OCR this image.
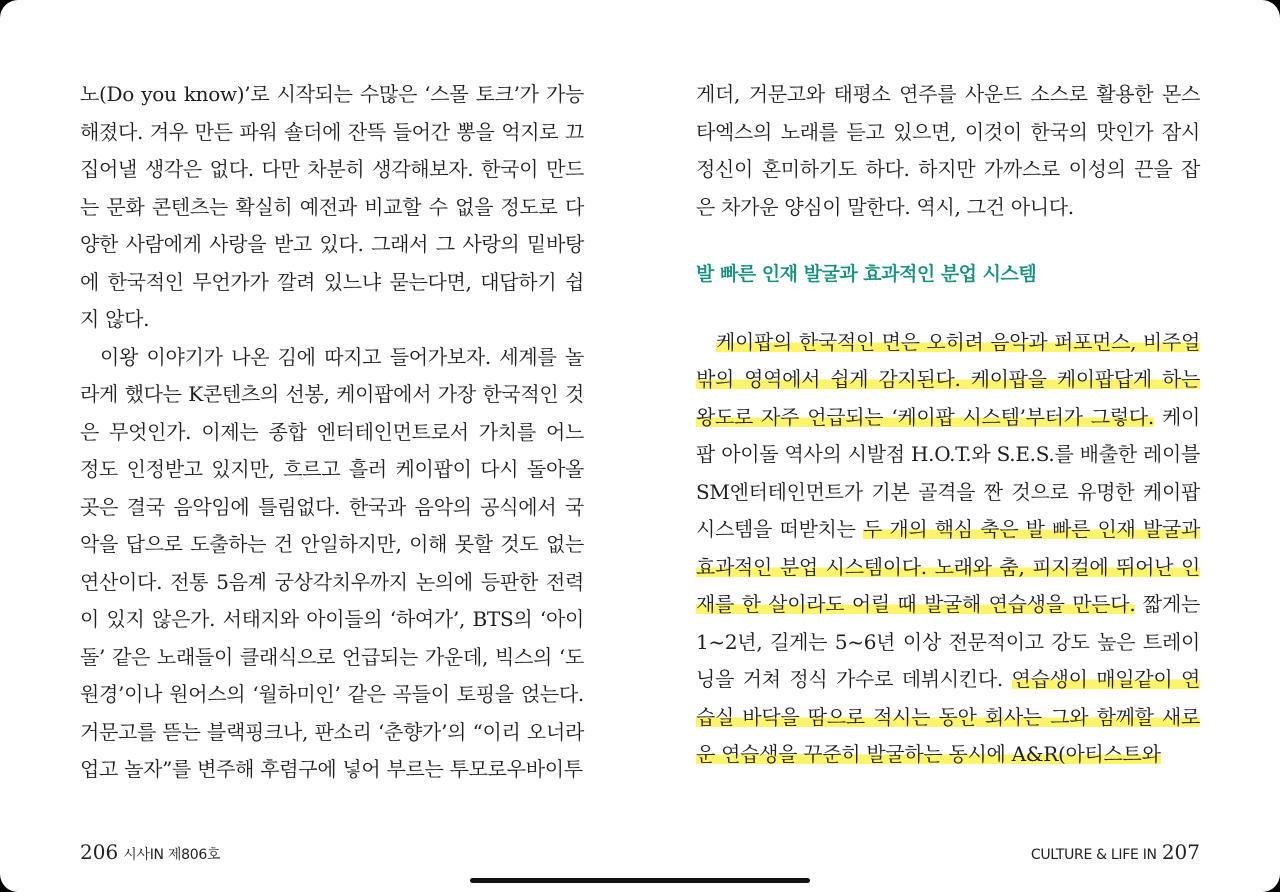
노(Do you know)’로 시작되는 수많은 ‘스몰 토크’가 가능해졌다. 겨우 만든 파워 숄더에 잔뜩 들어간 뽕을 억지로 끄집어낼 생각은 없다. 다만 차분히 생각해보자. 한국이 만드는 문화 콘텐츠는 확실히 예전과 비교할 수 없을 정도로 다양한 사람에게 사랑을 받고 있다. 그래서 그 사랑의 밑바탕에 한국적인 무언가가 깔려 있느냐 묻는다면, 대답하기 쉽지 않다.

이왕 이야기가 나온 김에 따지고 들어가보자. 세계를 놀라게 했다는 K콘텐츠의 선봉, 케이팝에서 가장 한국적인 것은 무엇인가. 이제는 종합 엔터테인먼트로서 가치를 어느 정도 인정받고 있지만, 흐르고 흘러 케이팝이 다시 돌아올 곳은 결국 음악임에 틀림없다. 한국과 음악의 공식에서 국악을 답으로 도출하는 건 안일하지만, 이해 못할 것도 없는 연산이다. 전통 5음계 궁상각치우까지 논의에 등판한 전력이 있지 않은가. 서태지와 아이들의 ‘하여가’, BTS의 ‘아이돌’ 같은 노래들이 클래식으로 언급되는 가운데, 빅스의 ‘도원경’이나 원어스의 ‘월하미인’ 같은 곡들이 토핑을 얹는다. 거문고를 뜯는 블랙핑크나, 판소리 ‘춘향가’의 “이리 오너라 업고 놀자”를 변주해 후렴구에 넣어 부르는 투모로우바이투

게더, 거문고와 태평소 연주를 사운드 소스로 활용한 몬스타엑스의 노래를 듣고 있으면, 이것이 한국의 맛인가 잠시 정신이 혼미하기도 하다. 하지만 가까스로 이성의 끈을 잡은 차가운 양심이 말한다. 역시, 그건 아니다.

발 빠른 인재 발굴과 효과적인 분업 시스템

케이팝의 한국적인 면은 오히려 음악과 퍼포먼스, 비주얼 밖의 영역에서 쉽게 감지된다. 케이팝을 케이팝답게 하는 왕도로 자주 언급되는 ‘케이팝 시스템’부터가 그렇다. 케이팝 아이돌 역사의 시발점 H.O.T.와 S.E.S.를 배출한 레이블 SM엔터테인먼트가 기본 골격을 짠 것으로 유명한 케이팝 시스템을 떠받치는 두 개의 핵심 축은 발 빠른 인재 발굴과 효과적인 분업 시스템이다. 노래와 춤, 피지컬에 뛰어난 인재를 한 살이라도 어릴 때 발굴해 연습생을 만든다. 짧게는 1~2년, 길게는 5~6년 이상 전문적이고 강도 높은 트레이닝을 거쳐 정식 가수로 데뷔시킨다. 연습생이 매일같이 연습실 바닥을 땀으로 적시는 동안 회사는 그와 함께할 새로운 연습생을 꾸준히 발굴하는 동시에 A&R(아티스트와

206 시사IN 제806호	CULTURE & LIFE IN 207
